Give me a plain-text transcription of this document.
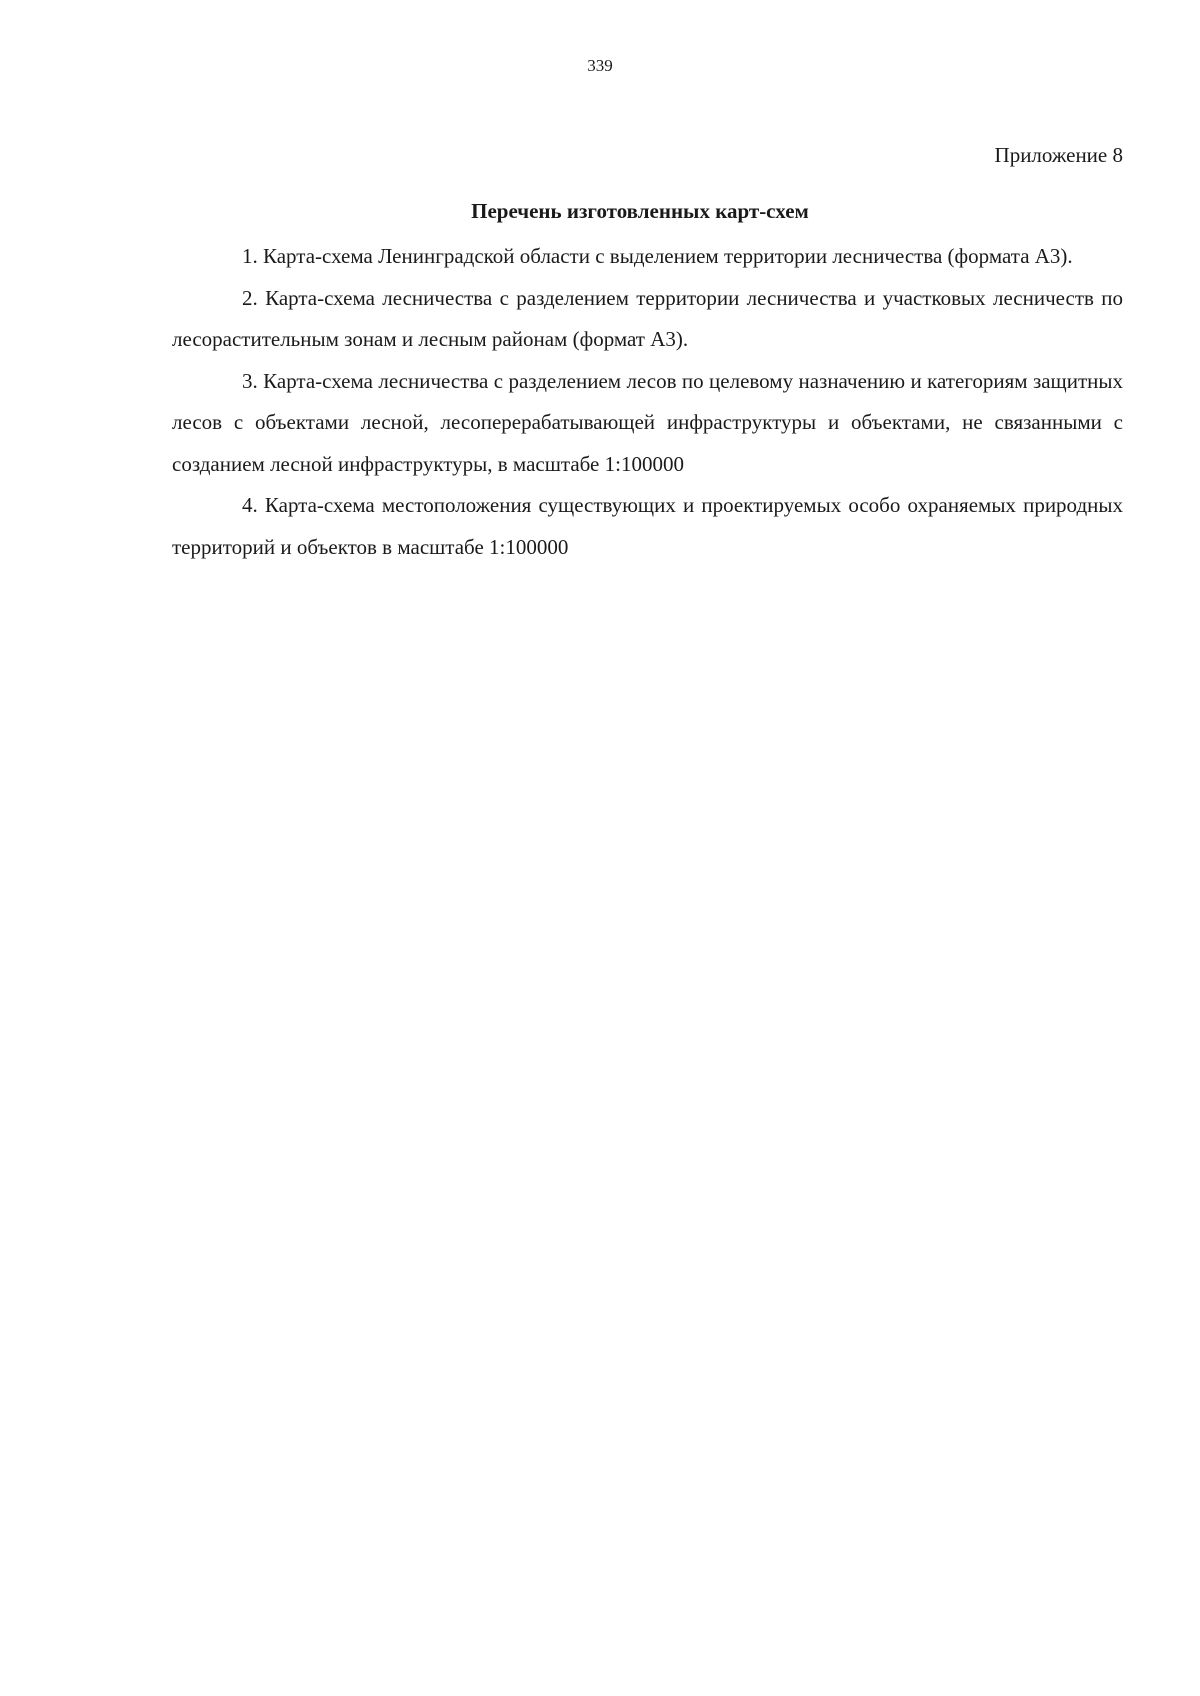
339
Приложение 8
Перечень изготовленных карт-схем

1. Карта-схема Ленинградской области с выделением территории лесничества (формата А3).

2. Карта-схема лесничества с разделением территории лесничества и участковых лесничеств по лесорастительным зонам и лесным районам (формат А3).

3. Карта-схема лесничества с разделением лесов по целевому назначению и категориям защитных лесов с объектами лесной, лесоперерабатывающей инфраструктуры и объектами, не связанными с созданием лесной инфраструктуры, в масштабе 1:100000

4. Карта-схема местоположения существующих и проектируемых особо охраняемых природных территорий и объектов в масштабе 1:100000
